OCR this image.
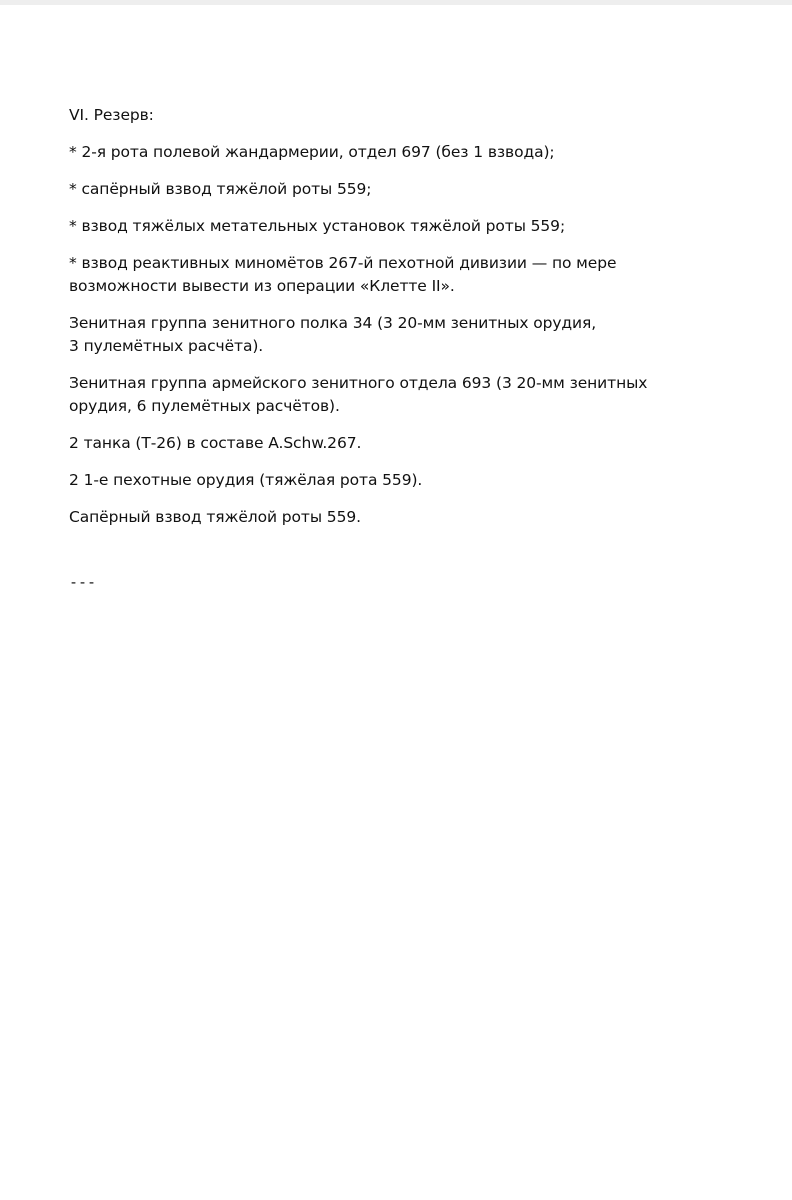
VI. Резерв:

* 2-я рота полевой жандармерии, отдел 697 (без 1 взвода);

* сапёрный взвод тяжёлой роты 559;

* взвод тяжёлых метательных установок тяжёлой роты 559;

* взвод реактивных миномётов 267-й пехотной дивизии — по мере
возможности вывести из операции «Клетте II».

Зенитная группа зенитного полка 34 (3 20-мм зенитных орудия,
3 пулемётных расчёта).

Зенитная группа армейского зенитного отдела 693 (3 20-мм зенитных
орудия, 6 пулемётных расчётов).

2 танка (Т-26) в составе A.Schw.267.

2 1-е пехотные орудия (тяжёлая рота 559).

Сапёрный взвод тяжёлой роты 559.

---
